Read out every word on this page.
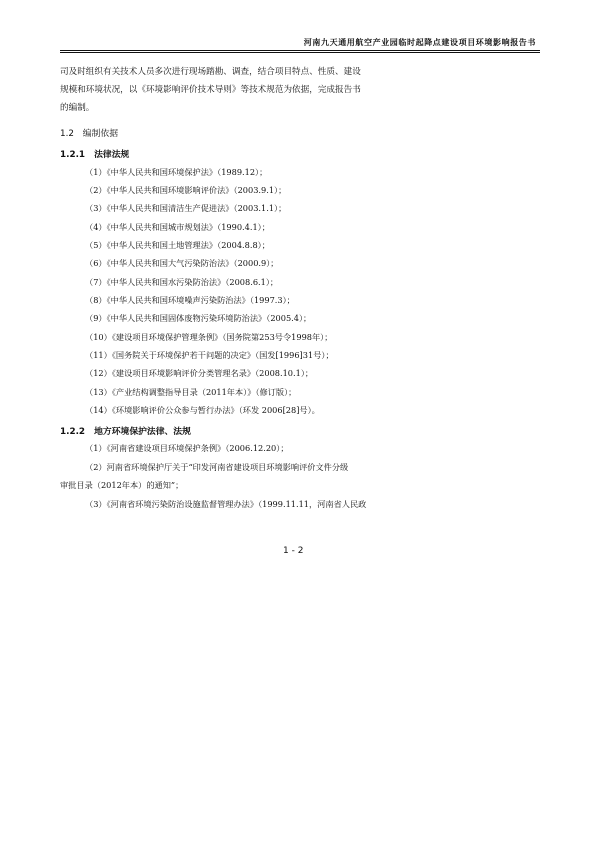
河南九天通用航空产业园临时起降点建设项目环境影响报告书
司及时组织有关技术人员多次进行现场踏勘、调查，结合项目特点、性质、建设
规模和环境状况，以《环境影响评价技术导则》等技术规范为依据，完成报告书
的编制。
1.2 编制依据
1.2.1 法律法规
（1）《中华人民共和国环境保护法》（1989.12）；
（2）《中华人民共和国环境影响评价法》（2003.9.1）；
（3）《中华人民共和国清洁生产促进法》（2003.1.1）；
（4）《中华人民共和国城市规划法》（1990.4.1）；
（5）《中华人民共和国土地管理法》（2004.8.8）；
（6）《中华人民共和国大气污染防治法》（2000.9）；
（7）《中华人民共和国水污染防治法》（2008.6.1）；
（8）《中华人民共和国环境噪声污染防治法》（1997.3）；
（9）《中华人民共和国固体废物污染环境防治法》（2005.4）；
（10）《建设项目环境保护管理条例》（国务院第253号令1998年）；
（11）《国务院关于环境保护若干问题的决定》（国发[1996]31号）；
（12）《建设项目环境影响评价分类管理名录》（2008.10.1）；
（13）《产业结构调整指导目录（2011年本）》（修订版）；
（14）《环境影响评价公众参与暂行办法》（环发 2006[28]号）。
1.2.2 地方环境保护法律、法规
（1）《河南省建设项目环境保护条例》（2006.12.20）；
（2）河南省环境保护厅关于“印发河南省建设项目环境影响评价文件分级
审批目录（2012年本）的通知”；
（3）《河南省环境污染防治设施监督管理办法》（1999.11.11，河南省人民政
1 - 2
